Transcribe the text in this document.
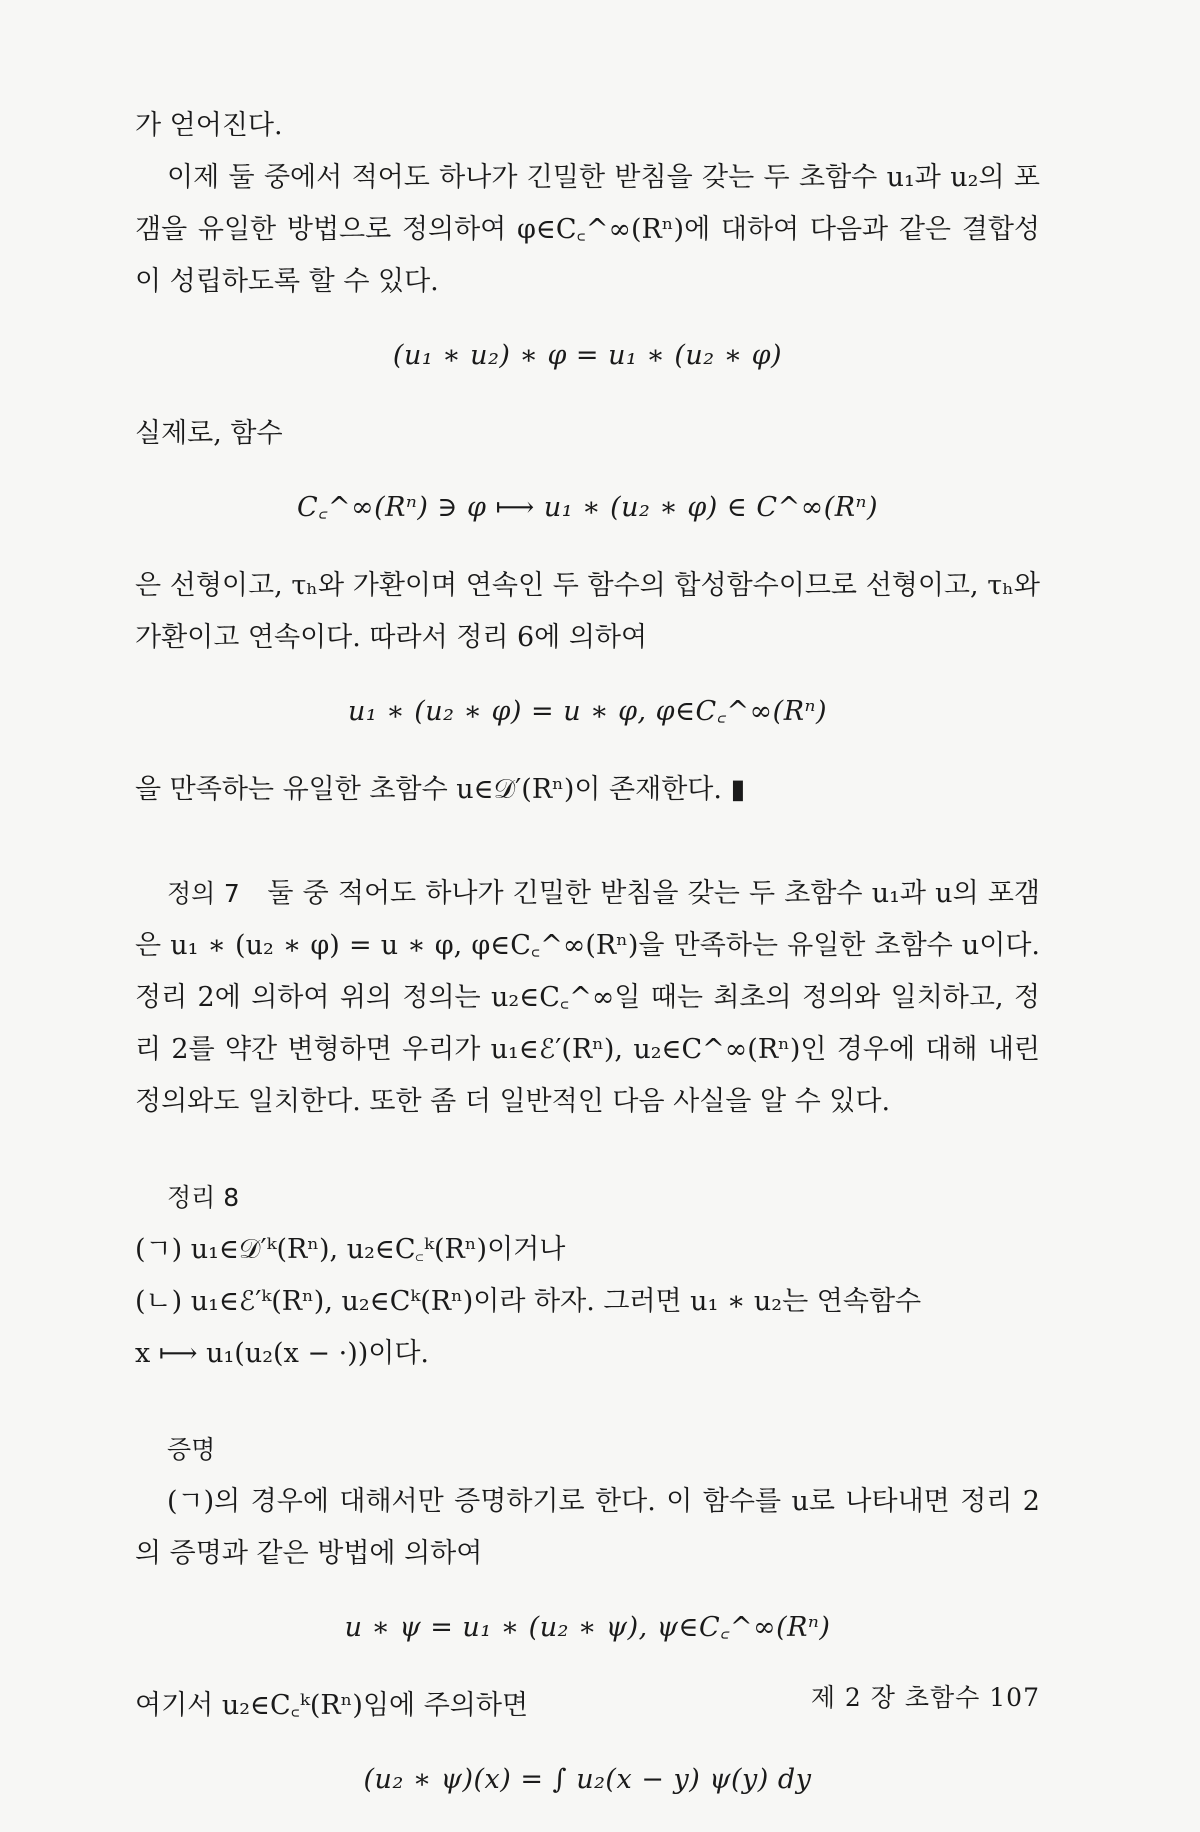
가 얻어진다.

이제 둘 중에서 적어도 하나가 긴밀한 받침을 갖는 두 초함수 u₁과 u₂의 포갬을 유일한 방법으로 정의하여 φ∈C꜀^∞(Rⁿ)에 대하여 다음과 같은 결합성이 성립하도록 할 수 있다.

(u₁ ∗ u₂) ∗ φ = u₁ ∗ (u₂ ∗ φ)

실제로, 함수

C꜀^∞(Rⁿ) ∋ φ ⟼ u₁ ∗ (u₂ ∗ φ) ∈ C^∞(Rⁿ)

은 선형이고, τₕ와 가환이며 연속인 두 함수의 합성함수이므로 선형이고, τₕ와 가환이고 연속이다. 따라서 정리 6에 의하여

u₁ ∗ (u₂ ∗ φ) = u ∗ φ, φ∈C꜀^∞(Rⁿ)

을 만족하는 유일한 초함수 u∈𝒟′(Rⁿ)이 존재한다. ▮

정의 7 둘 중 적어도 하나가 긴밀한 받침을 갖는 두 초함수 u₁과 u의 포갬은 u₁ ∗ (u₂ ∗ φ) = u ∗ φ, φ∈C꜀^∞(Rⁿ)을 만족하는 유일한 초함수 u이다. 정리 2에 의하여 위의 정의는 u₂∈C꜀^∞일 때는 최초의 정의와 일치하고, 정리 2를 약간 변형하면 우리가 u₁∈ℰ′(Rⁿ), u₂∈C^∞(Rⁿ)인 경우에 대해 내린 정의와도 일치한다. 또한 좀 더 일반적인 다음 사실을 알 수 있다.

정리 8

(ㄱ) u₁∈𝒟′ᵏ(Rⁿ), u₂∈C꜀ᵏ(Rⁿ)이거나

(ㄴ) u₁∈ℰ′ᵏ(Rⁿ), u₂∈Cᵏ(Rⁿ)이라 하자. 그러면 u₁ ∗ u₂는 연속함수

x ⟼ u₁(u₂(x − ·))이다.

증명

(ㄱ)의 경우에 대해서만 증명하기로 한다. 이 함수를 u로 나타내면 정리 2의 증명과 같은 방법에 의하여

u ∗ ψ = u₁ ∗ (u₂ ∗ ψ), ψ∈C꜀^∞(Rⁿ)

여기서 u₂∈C꜀ᵏ(Rⁿ)임에 주의하면

(u₂ ∗ ψ)(x) = ∫ u₂(x − y) ψ(y) dy
제 2 장 초함수 107
